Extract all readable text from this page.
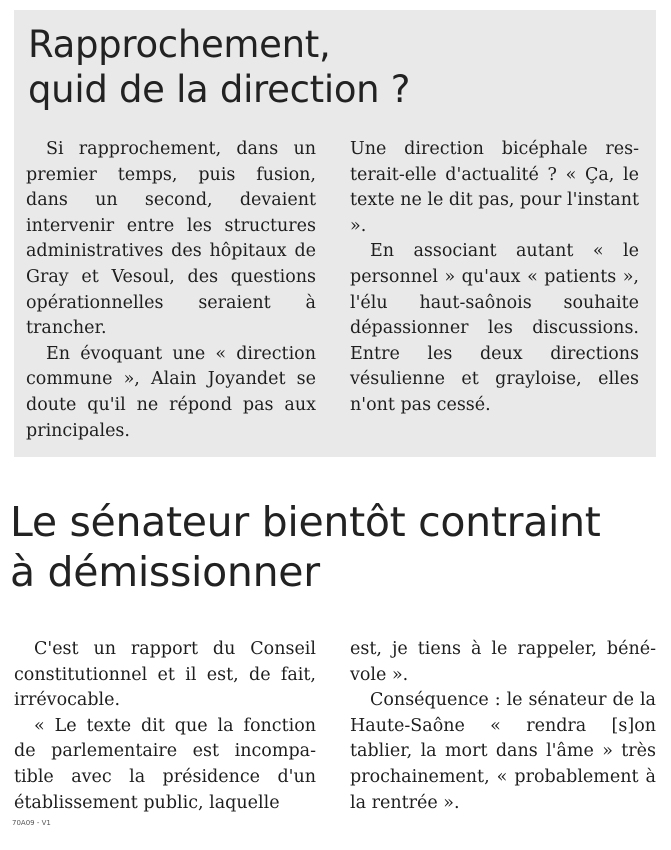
Rapprochement,
quid de la direction ?

Si rapprochement, dans un premier temps, puis fusion, dans un second, devaient intervenir entre les structures administratives des hôpitaux de Gray et Vesoul, des questions opérationnelles seraient à trancher.

En évoquant une « direction commune », Alain Joyandet se doute qu'il ne répond pas aux principales.

Une direction bicéphale resterait-elle d'actualité ? « Ça, le texte ne le dit pas, pour l'instant ».

En associant autant « le personnel » qu'aux « patients », l'élu haut-saônois souhaite dépassionner les discussions. Entre les deux directions vésulienne et grayloise, elles n'ont pas cessé.

Le sénateur bientôt contraint
à démissionner

C'est un rapport du Conseil constitutionnel et il est, de fait, irrévocable.

« Le texte dit que la fonction de parlementaire est incompatible avec la présidence d'un établissement public, laquelle

est, je tiens à le rappeler, bénévole ».

Conséquence : le sénateur de la Haute-Saône « rendra [s]on tablier, la mort dans l'âme » très prochainement, « probablement à la rentrée ».

70A09 - V1
